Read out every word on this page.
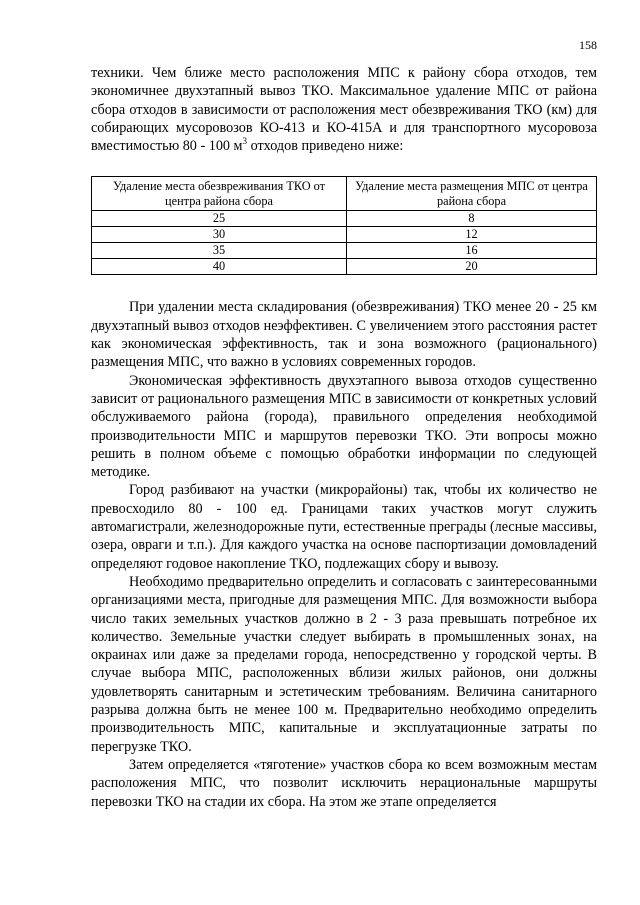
158

техники. Чем ближе место расположения МПС к району сбора отходов, тем экономичнее двухэтапный вывоз ТКО. Максимальное удаление МПС от района сбора отходов в зависимости от расположения мест обезвреживания ТКО (км) для собирающих мусоровозов КО-413 и КО-415А и для транспортного мусоровоза вместимостью 80 - 100 $м^3$ отходов приведено ниже:

Удаление места обезвреживания ТКО от центра района сбора	Удаление места размещения МПС от центра района сбора
25	8
30	12
35	16
40	20

При удалении места складирования (обезвреживания) ТКО менее 20 - 25 км двухэтапный вывоз отходов неэффективен. С увеличением этого расстояния растет как экономическая эффективность, так и зона возможного (рационального) размещения МПС, что важно в условиях современных городов.

Экономическая эффективность двухэтапного вывоза отходов существенно зависит от рационального размещения МПС в зависимости от конкретных условий обслуживаемого района (города), правильного определения необходимой производительности МПС и маршрутов перевозки ТКО. Эти вопросы можно решить в полном объеме с помощью обработки информации по следующей методике.

Город разбивают на участки (микрорайоны) так, чтобы их количество не превосходило 80 - 100 ед. Границами таких участков могут служить автомагистрали, железнодорожные пути, естественные преграды (лесные массивы, озера, овраги и т.п.). Для каждого участка на основе паспортизации домовладений определяют годовое накопление ТКО, подлежащих сбору и вывозу.

Необходимо предварительно определить и согласовать с заинтересованными организациями места, пригодные для размещения МПС. Для возможности выбора число таких земельных участков должно в 2 - 3 раза превышать потребное их количество. Земельные участки следует выбирать в промышленных зонах, на окраинах или даже за пределами города, непосредственно у городской черты. В случае выбора МПС, расположенных вблизи жилых районов, они должны удовлетворять санитарным и эстетическим требованиям. Величина санитарного разрыва должна быть не менее 100 м. Предварительно необходимо определить производительность МПС, капитальные и эксплуатационные затраты по перегрузке ТКО.

Затем определяется «тяготение» участков сбора ко всем возможным местам расположения МПС, что позволит исключить нерациональные маршруты перевозки ТКО на стадии их сбора. На этом же этапе определяется
